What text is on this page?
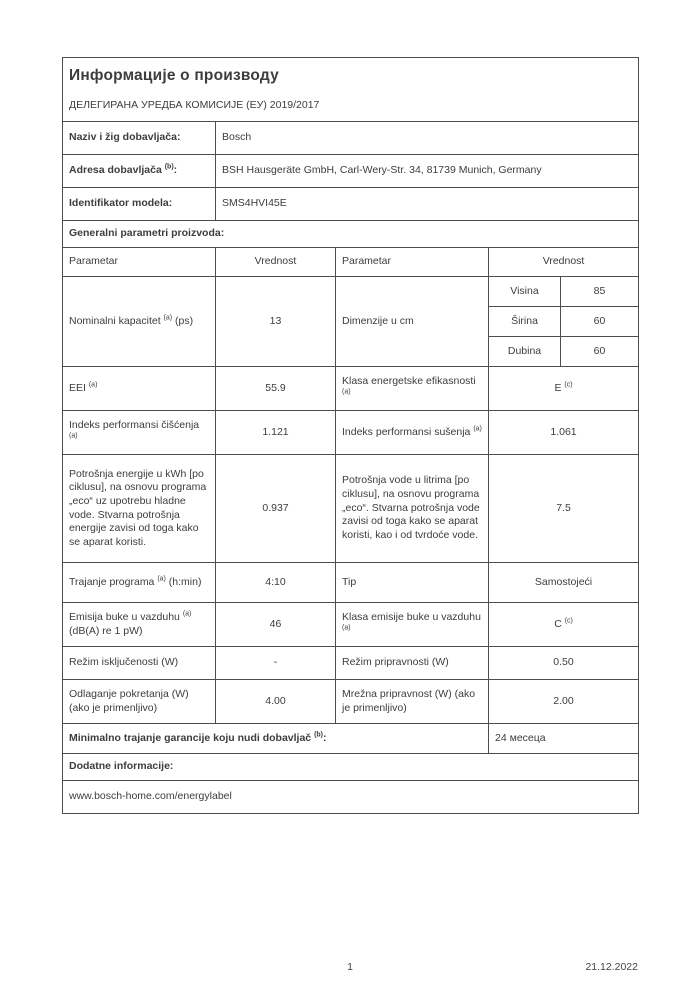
Информације о производу
ДЕЛЕГИРАНА УРЕДБА КОМИСИЈЕ (ЕУ) 2019/2017				

Naziv i žig dobavljača:	Bosch			
Adresa dobavljača $^{(b)}$:	BSH Hausgeräte GmbH, Carl-Wery-Str. 34, 81739 Munich, Germany			
Identifikator modela:	SMS4HVI45E			
Generalni parametri proizvoda:				
Parametar	Vrednost	Parametar	Vrednost	
Nominalni kapacitet $^{(a)}$ (ps)	13	Dimenzije u cm	Visina	85
			Širina	60
			Dubina	60
EEI $^{(a)}$	55.9	Klasa energetske efikasnosti $^{(a)}$	E $^{(c)}$
Indeks performansi čišćenja $^{(a)}$	1.121	Indeks performansi sušenja $^{(a)}$	1.061	
Potrošnja energije u kWh [po ciklusu], na osnovu programa „eco“ uz upotrebu hladne vode. Stvarna potrošnja energije zavisi od toga kako se aparat koristi.	0.937	Potrošnja vode u litrima [po ciklusu], na osnovu programa „eco“. Stvarna potrošnja vode zavisi od toga kako se aparat koristi, kao i od tvrdoće vode.	7.5	
Trajanje programa $^{(a)}$ (h:min)	4:10	Tip	Samostojeći	
Emisija buke u vazduhu $^{(a)}$ (dB(A) re 1 pW)	46	Klasa emisije buke u vazduhu $^{(a)}$	C $^{(c)}$
Režim isključenosti (W)	-	Režim pripravnosti (W)	0.50	
Odlaganje pokretanja (W) (ako je primenljivo)	4.00	Mrežna pripravnost (W) (ako je primenljivo)	2.00	
Minimalno trajanje garancije koju nudi dobavljač $^{(b)}$:			24 месеца	
Dodatne informacije:				
www.bosch-home.com/energylabel				
1	21.12.2022
